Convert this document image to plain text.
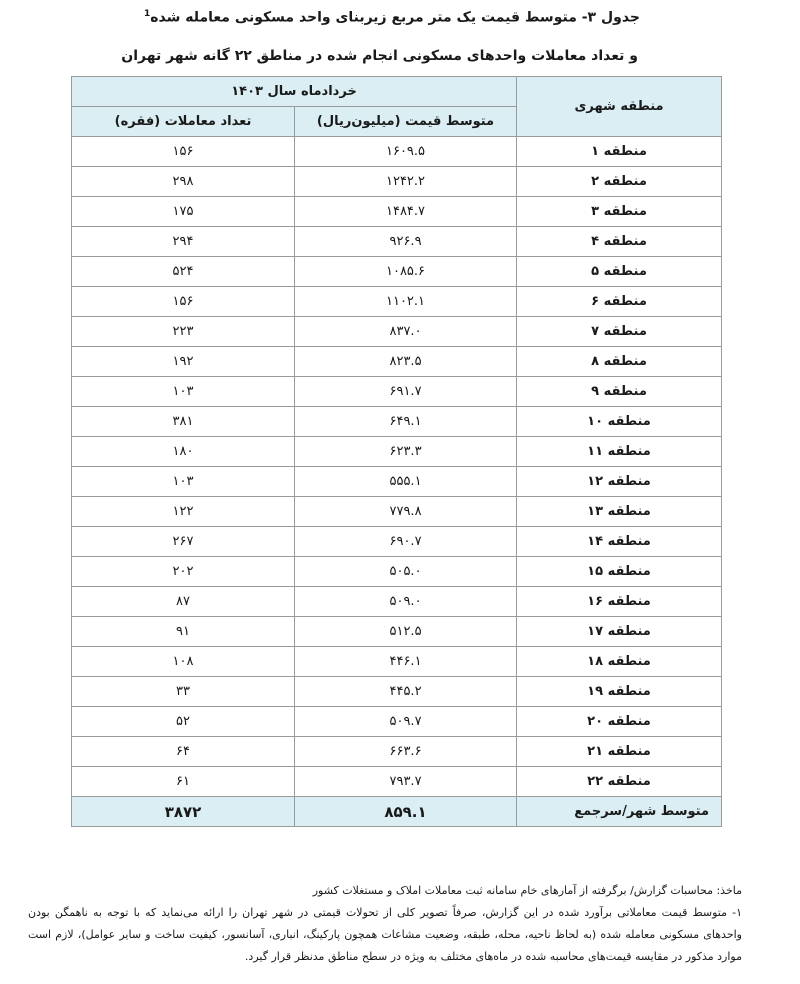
جدول ۳- متوسط قیمت یک متر مربع زیربنای واحد مسکونی معامله شده$^1$
و تعداد معاملات واحدهای مسکونی انجام شده در مناطق ۲۲ گانه شهر تهران
منطقه شهری	خردادماه سال ۱۴۰۳	
	متوسط قیمت (میلیون‌ریال)	تعداد معاملات (فقره)
منطقه ۱	۱۶۰۹.۵	۱۵۶
منطقه ۲	۱۲۴۲.۲	۲۹۸
منطقه ۳	۱۴۸۴.۷	۱۷۵
منطقه ۴	۹۲۶.۹	۲۹۴
منطقه ۵	۱۰۸۵.۶	۵۲۴
منطقه ۶	۱۱۰۲.۱	۱۵۶
منطقه ۷	۸۳۷.۰	۲۲۳
منطقه ۸	۸۲۳.۵	۱۹۲
منطقه ۹	۶۹۱.۷	۱۰۳
منطقه ۱۰	۶۴۹.۱	۳۸۱
منطقه ۱۱	۶۲۳.۳	۱۸۰
منطقه ۱۲	۵۵۵.۱	۱۰۳
منطقه ۱۳	۷۷۹.۸	۱۲۲
منطقه ۱۴	۶۹۰.۷	۲۶۷
منطقه ۱۵	۵۰۵.۰	۲۰۲
منطقه ۱۶	۵۰۹.۰	۸۷
منطقه ۱۷	۵۱۲.۵	۹۱
منطقه ۱۸	۴۴۶.۱	۱۰۸
منطقه ۱۹	۴۴۵.۲	۳۳
منطقه ۲۰	۵۰۹.۷	۵۲
منطقه ۲۱	۶۶۳.۶	۶۴
منطقه ۲۲	۷۹۳.۷	۶۱
متوسط شهر/سرجمع	۸۵۹.۱	۳۸۷۲

ماخذ: محاسبات گزارش/ برگرفته از آمارهای خام سامانه ثبت معاملات املاک و مستغلات کشور

۱- متوسط قیمت معاملاتی برآورد شده در این گزارش، صرفاً تصویر کلی از تحولات قیمتی در شهر تهران را ارائه می‌نماید که با توجه به ناهمگن بودن واحدهای مسکونی معامله شده (به لحاظ ناحیه، محله، طبقه، وضعیت مشاعات همچون پارکینگ، انباری، آسانسور، کیفیت ساخت و سایر عوامل)، لازم است موارد مذکور در مقایسه قیمت‌های محاسبه شده در ماه‌های مختلف به ویژه در سطح مناطق مدنظر قرار گیرد.
